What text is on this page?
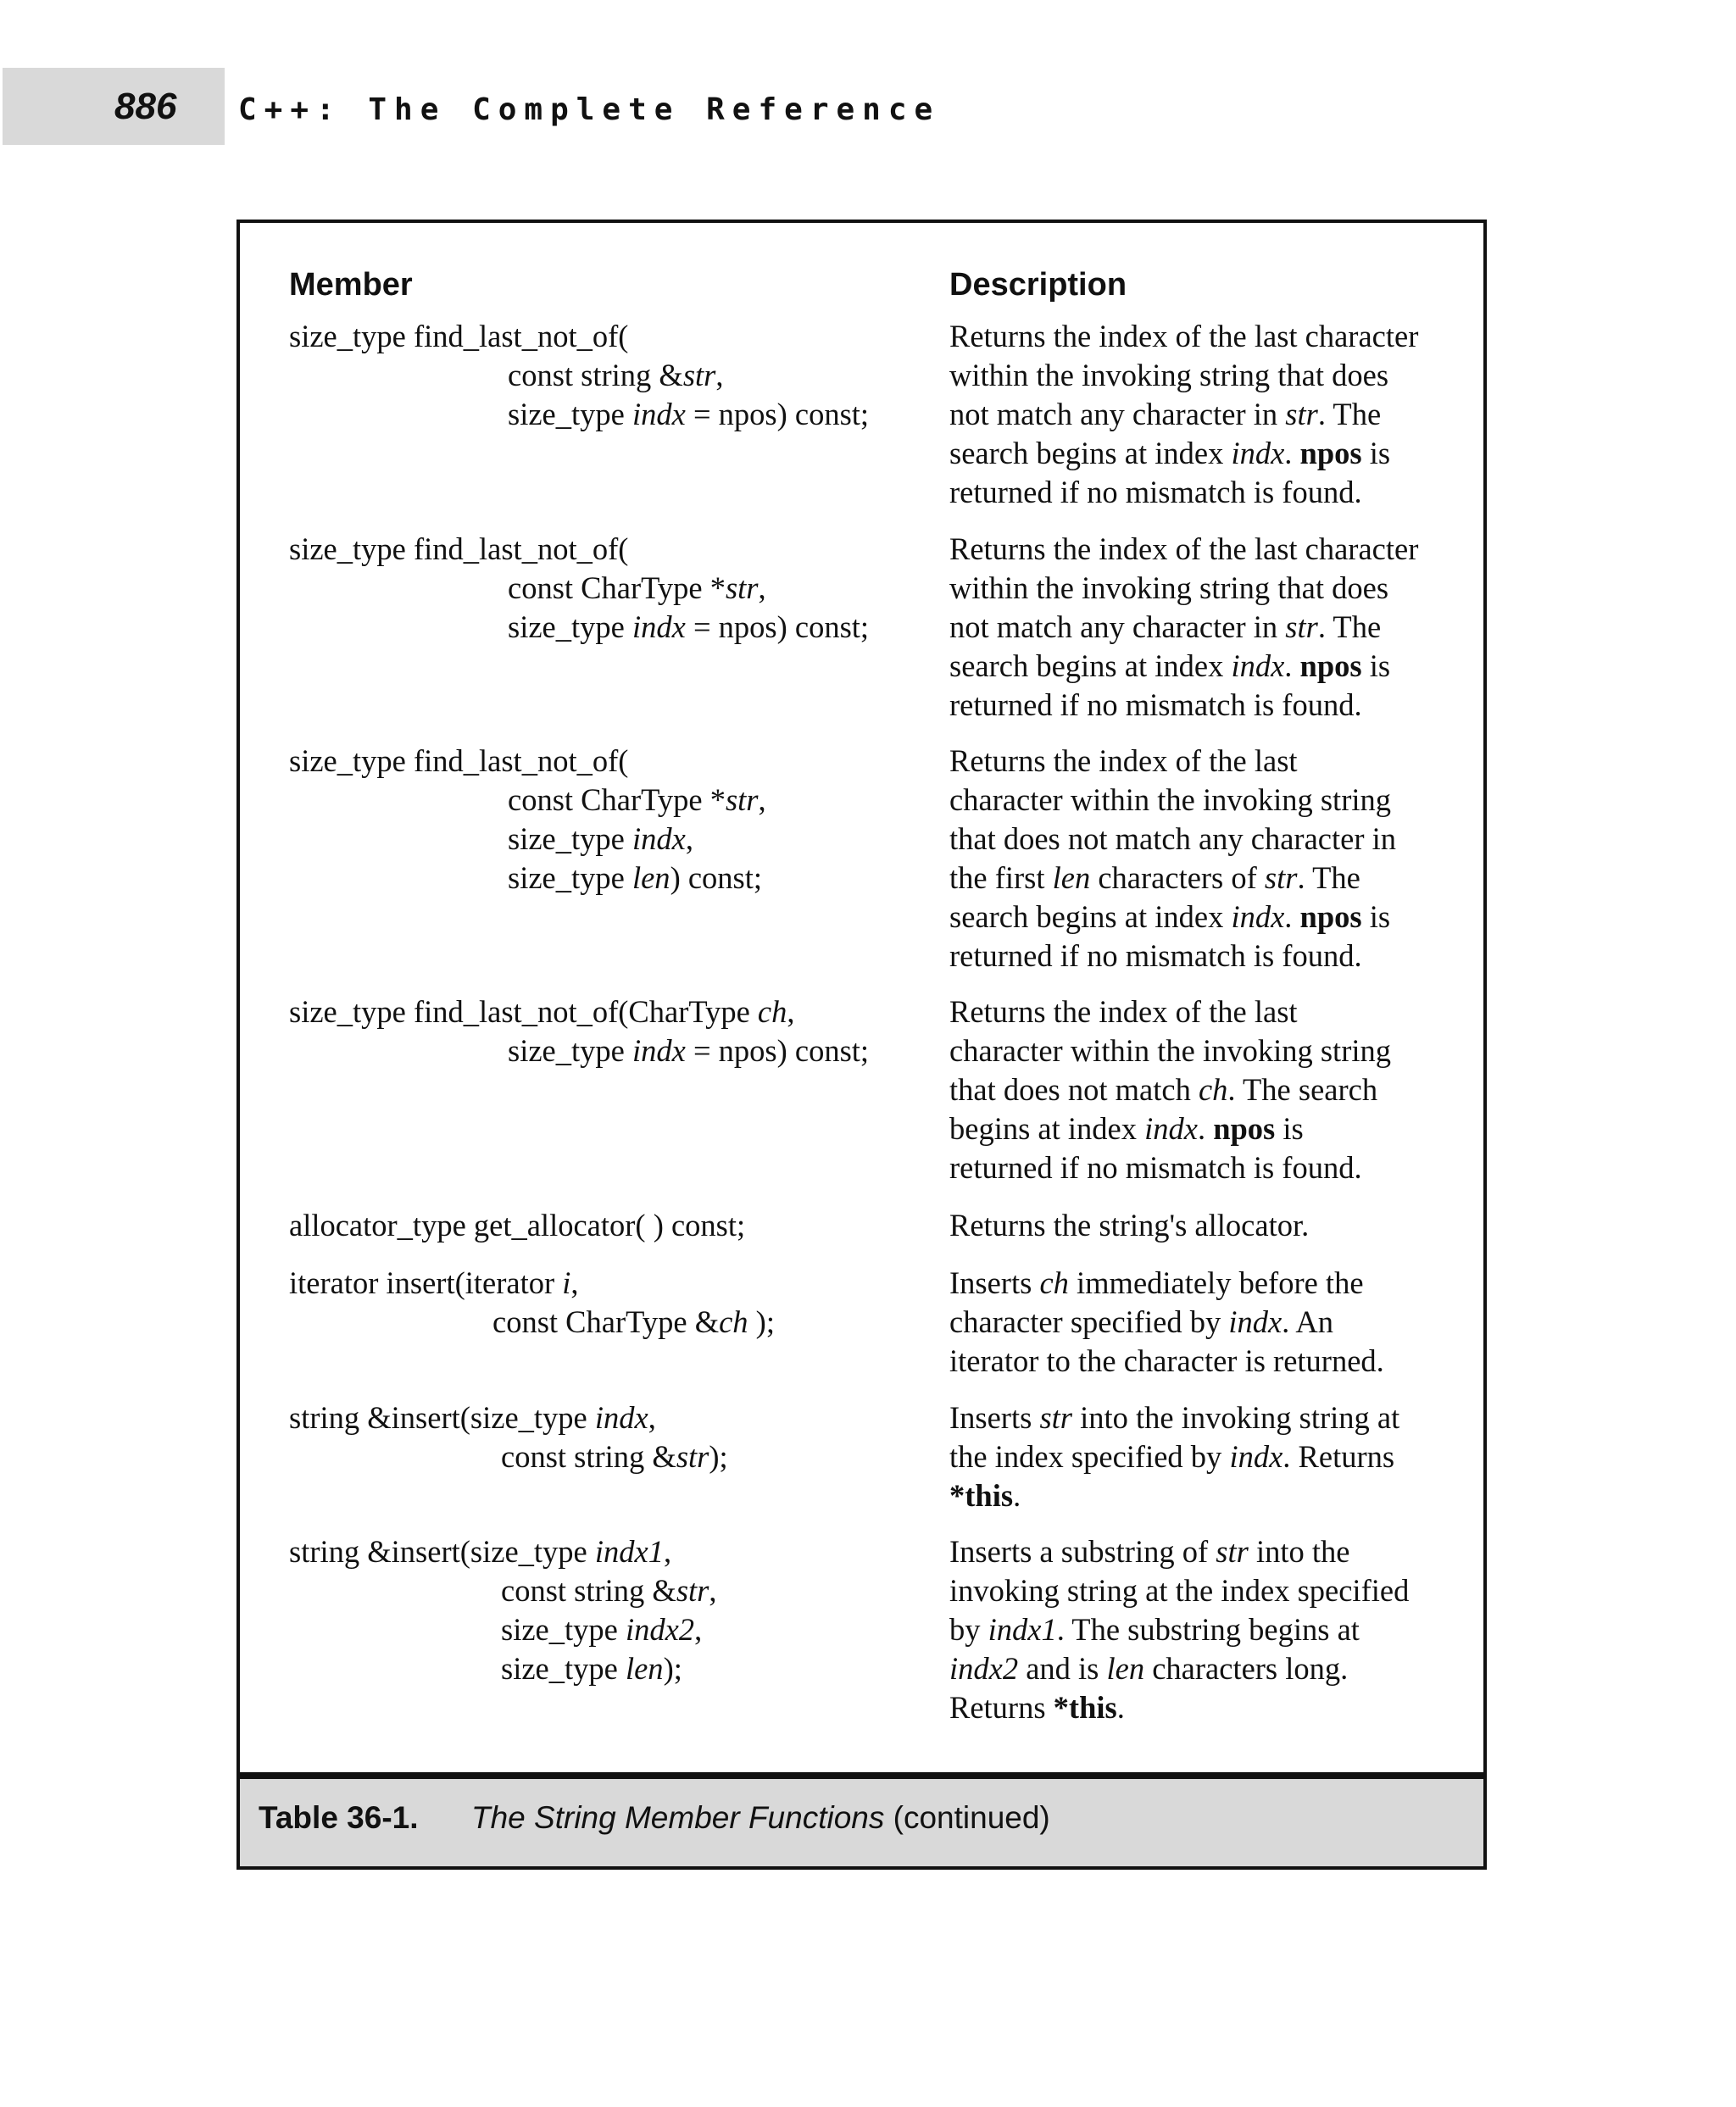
886 C++: The Complete Reference
Member	Description
size_type find_last_not_of(
const string &str,
size_type indx = npos) const;
Returns the index of the last character
within the invoking string that does
not match any character in str. The
search begins at index indx. npos is
returned if no mismatch is found.
size_type find_last_not_of(
const CharType *str,
size_type indx = npos) const;
Returns the index of the last character
within the invoking string that does
not match any character in str. The
search begins at index indx. npos is
returned if no mismatch is found.
size_type find_last_not_of(
const CharType *str,
size_type indx,
size_type len) const;
Returns the index of the last
character within the invoking string
that does not match any character in
the first len characters of str. The
search begins at index indx. npos is
returned if no mismatch is found.
size_type find_last_not_of(CharType ch,
size_type indx = npos) const;
Returns the index of the last
character within the invoking string
that does not match ch. The search
begins at index indx. npos is
returned if no mismatch is found.
allocator_type get_allocator( ) const;	Returns the string's allocator.
iterator insert(iterator i,
const CharType &ch );
Inserts ch immediately before the
character specified by indx. An
iterator to the character is returned.
string &insert(size_type indx,
const string &str);
Inserts str into the invoking string at
the index specified by indx. Returns
*this.
string &insert(size_type indx1,
const string &str,
size_type indx2,
size_type len);
Inserts a substring of str into the
invoking string at the index specified
by indx1. The substring begins at
indx2 and is len characters long.
Returns *this.
Table 36-1. The String Member Functions (continued)
